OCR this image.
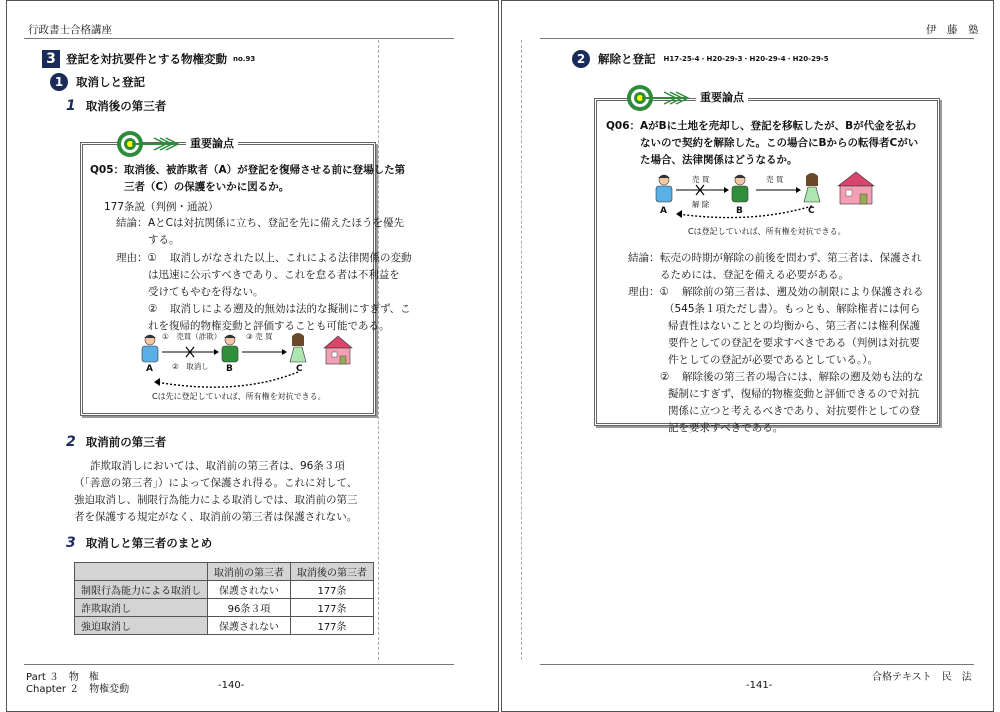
行政書士合格講座
3 登記を対抗要件とする物権変動 no.93
1	取消しと登記
1 取消後の第三者
重要論点
Q05： 取消後、被詐欺者（A）が登記を復帰させる前に登場した第
三者（C）の保護をいかに図るか。
177条説（判例・通説）
結論： AとCは対抗関係に立ち、登記を先に備えたほうを優先
する。
理由：① 取消しがなされた以上、これによる法律関係の変動
は迅速に公示すべきであり、これを怠る者は不利益を
受けてもやむを得ない。
② 取消しによる遡及的無効は法的な擬制にすぎず、こ
れを復帰的物権変動と評価することも可能である。
①　売買（詐欺）
②　取消し
③ 売 買
A	B	C
Cは先に登記していれば、所有権を対抗できる。
2 取消前の第三者
詐欺取消しにおいては、取消前の第三者は、96条３項
（「善意の第三者」）によって保護され得る。これに対して、
強迫取消し、制限行為能力による取消しでは、取消前の第三
者を保護する規定がなく、取消前の第三者は保護されない。
3 取消しと第三者のまとめ
	取消前の第三者	取消後の第三者
制限行為能力による取消し	保護されない	177条
詐欺取消し	96条３項	177条
強迫取消し	保護されない	177条
Part ３　物　権
Chapter ２　物権変動	-140-
伊　藤　塾
2	解除と登記 H17-25-4・H20-29-3・H20-29-4・H20-29-5
重要論点
Q06： AがBに土地を売却し、登記を移転したが、Bが代金を払わ
ないので契約を解除した。この場合にBからの転得者Cがい
た場合、法律関係はどうなるか。
売 買
解 除
売 買
A	B	C
Cは登記していれば、所有権を対抗できる。
結論： 転売の時期が解除の前後を問わず、第三者は、保護され
るためには、登記を備える必要がある。
理由：① 解除前の第三者は、遡及効の制限により保護される
（545条１項ただし書）。もっとも、解除権者には何ら
帰責性はないこととの均衡から、第三者には権利保護
要件としての登記を要求すべきである（判例は対抗要
件としての登記が必要であるとしている。）。
② 解除後の第三者の場合には、解除の遡及効も法的な
擬制にすぎず、復帰的物権変動と評価できるので対抗
関係に立つと考えるべきであり、対抗要件としての登
記を要求すべきである。
合格テキスト　民　法
-141-
